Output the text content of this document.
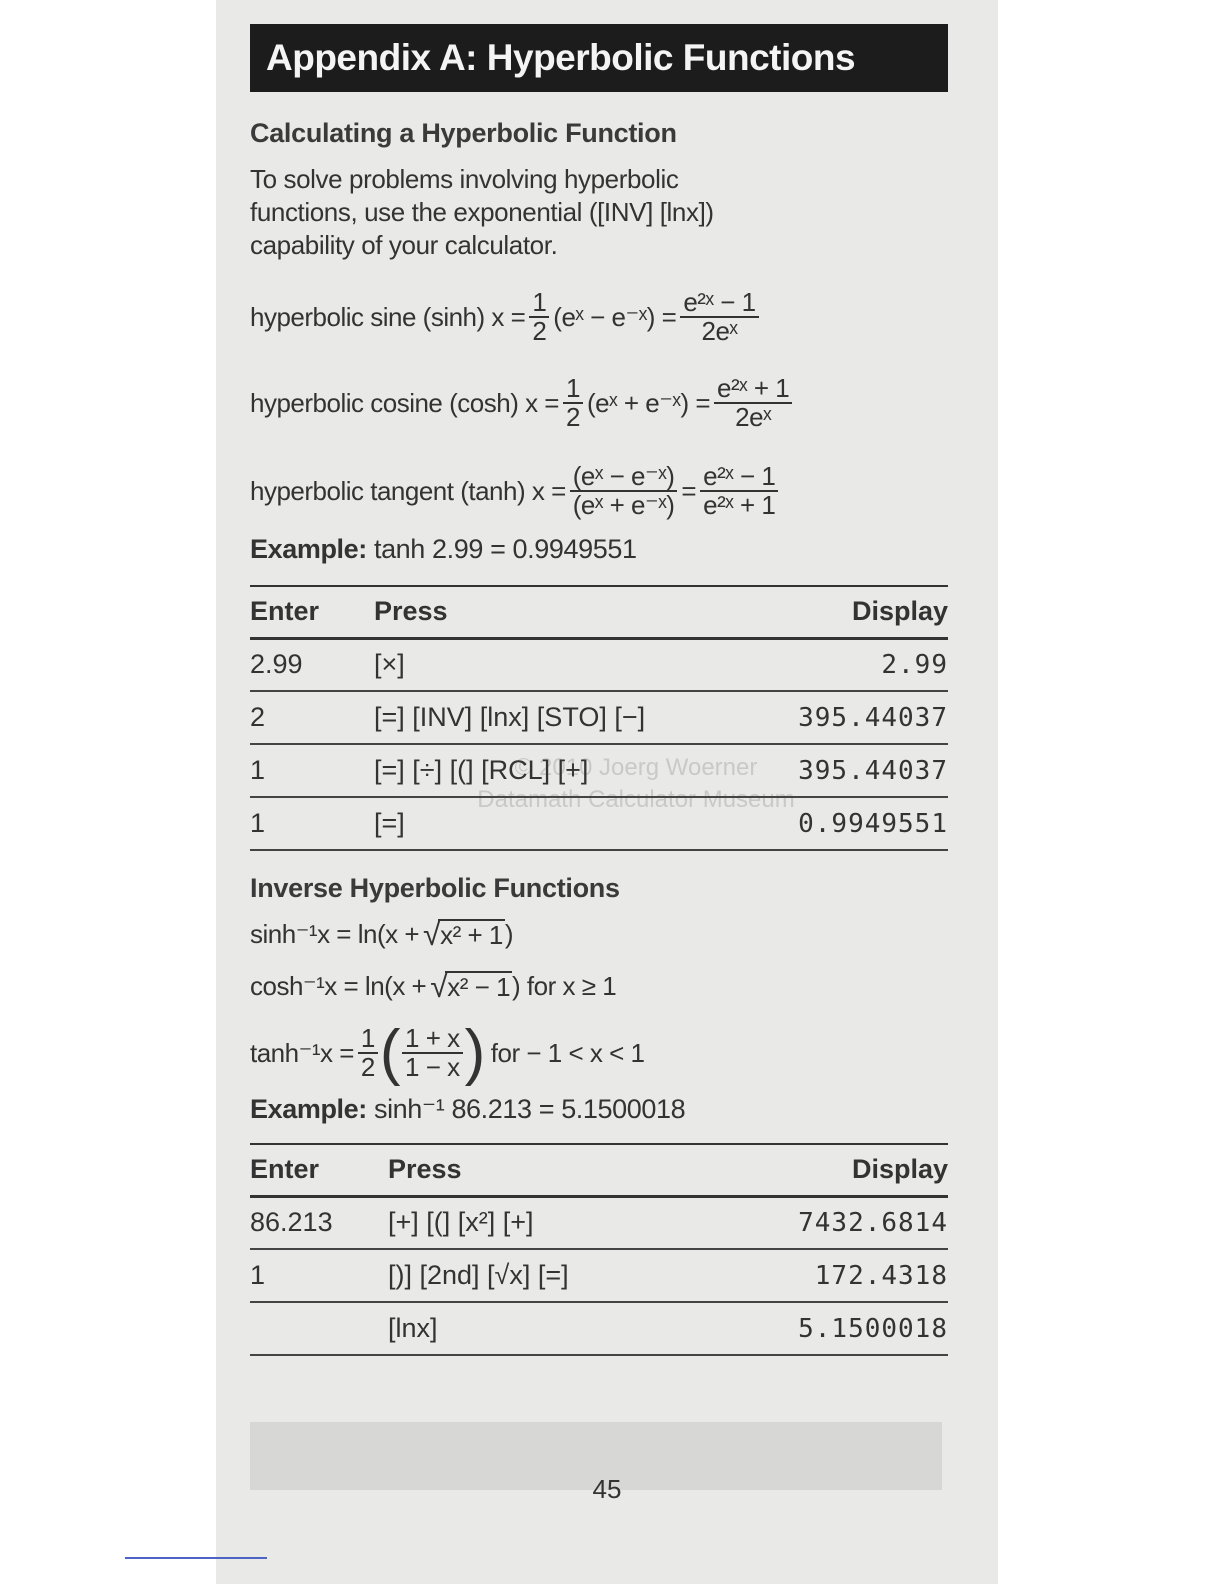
© 2010 Joerg Woerner
Datamath Calculator Museum
Appendix A: Hyperbolic Functions
Calculating a Hyperbolic Function
To solve problems involving hyperbolic
functions, use the exponential ([INV] [lnx])
capability of your calculator.
hyperbolic sine (sinh) $x = \frac{1}{2}$ (eˣ − e⁻ˣ) = $\frac{\text{e²ˣ − 1}}{\text{2eˣ}}$
hyperbolic cosine (cosh) $x = \frac{1}{2}$ (eˣ + e⁻ˣ) = $\frac{\text{e²ˣ + 1}}{\text{2eˣ}}$
hyperbolic tangent (tanh) $x = \frac{\text{(eˣ − e⁻ˣ)}}{\text{(eˣ + e⁻ˣ)}} = \frac{\text{e²ˣ − 1}}{\text{e²ˣ + 1}}$
Example: tanh 2.99 = 0.9949551
Enter	Press	Display
2.99	[×]	2.99
2	[=] [INV] [lnx] [STO] [−]	395.44037
1	[=] [÷] [(] [RCL] [+]	395.44037
1	[=]	0.9949551
Inverse Hyperbolic Functions
sinh⁻¹x = ln(x + √ x² + 1 )
cosh⁻¹x = ln(x + √ x² − 1 ) for x ≥ 1
$\tanh^{-1}x = \frac{1}{2}$ ( $\frac{1 + x}{1 - x}$ ) for − 1 < x < 1
Example: sinh⁻¹ 86.213 = 5.1500018
Enter	Press	Display
86.213	[+] [(] [x²] [+]	7432.6814
1	[)] [2nd] [√x] [=]	172.4318
	[lnx]	5.1500018
45
